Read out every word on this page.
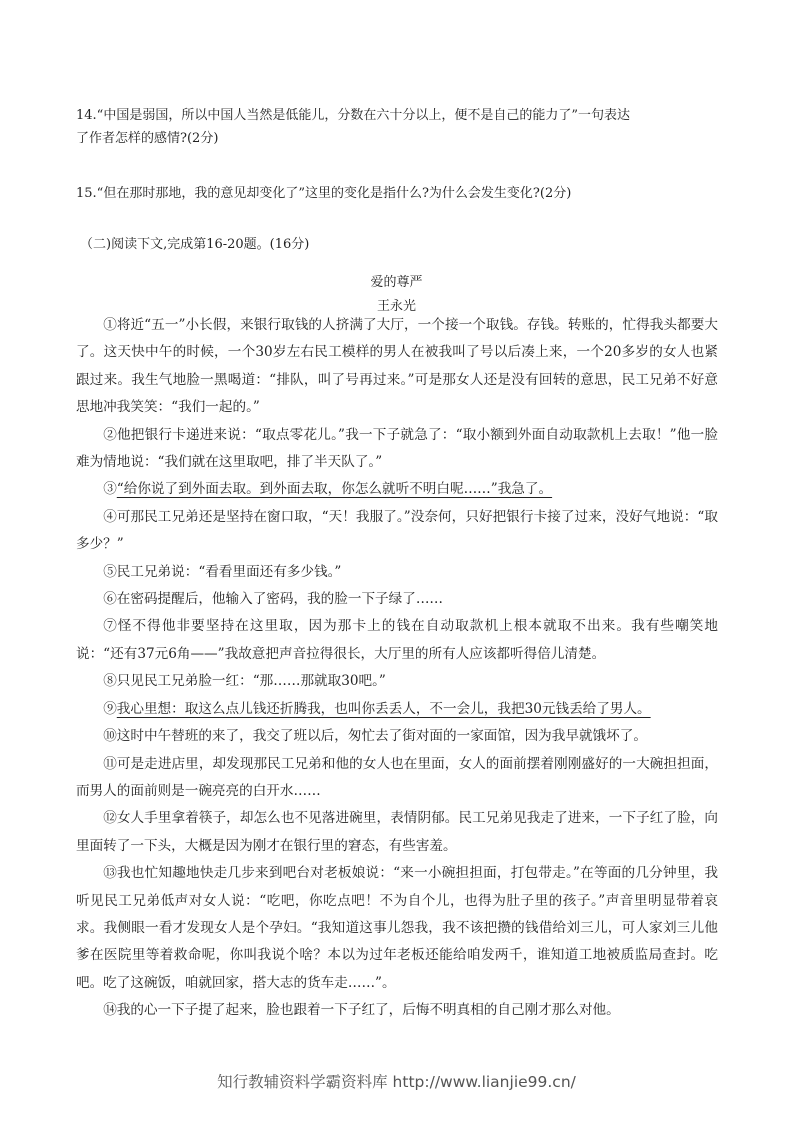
14.“中国是弱国，所以中国人当然是低能儿，分数在六十分以上，便不是自己的能力了”一句表达
了作者怎样的感情?(2分)
15.“但在那时那地，我的意见却变化了”这里的变化是指什么?为什么会发生变化?(2分)
（二)阅读下文,完成第16-20题。(16分)
爱的尊严
王永光

①将近“五一”小长假，来银行取钱的人挤满了大厅，一个接一个取钱。存钱。转账的，忙得我头都要大了。这天快中午的时候，一个30岁左右民工模样的男人在被我叫了号以后凑上来，一个20多岁的女人也紧跟过来。我生气地脸一黑喝道：“排队，叫了号再过来。”可是那女人还是没有回转的意思，民工兄弟不好意思地冲我笑笑：“我们一起的。”

②他把银行卡递进来说：“取点零花儿。”我一下子就急了：“取小额到外面自动取款机上去取！”他一脸难为情地说：“我们就在这里取吧，排了半天队了。”

③“给你说了到外面去取。到外面去取，你怎么就听不明白呢……”我急了。

④可那民工兄弟还是坚持在窗口取，“天！我服了。”没奈何，只好把银行卡接了过来，没好气地说：“取多少？”

⑤民工兄弟说：“看看里面还有多少钱。”

⑥在密码提醒后，他输入了密码，我的脸一下子绿了……

⑦怪不得他非要坚持在这里取，因为那卡上的钱在自动取款机上根本就取不出来。我有些嘲笑地说：“还有37元6角——”我故意把声音拉得很长，大厅里的所有人应该都听得倍儿清楚。

⑧只见民工兄弟脸一红：“那……那就取30吧。”

⑨我心里想：取这么点儿钱还折腾我，也叫你丢丢人，不一会儿，我把30元钱丢给了男人。

⑩这时中午替班的来了，我交了班以后，匆忙去了街对面的一家面馆，因为我早就饿坏了。

⑪可是走进店里，却发现那民工兄弟和他的女人也在里面，女人的面前摆着刚刚盛好的一大碗担担面，而男人的面前则是一碗亮亮的白开水……

⑫女人手里拿着筷子，却怎么也不见落进碗里，表情阴郁。民工兄弟见我走了进来，一下子红了脸，向里面转了一下头，大概是因为刚才在银行里的窘态，有些害羞。

⑬我也忙知趣地快走几步来到吧台对老板娘说：“来一小碗担担面，打包带走。”在等面的几分钟里，我听见民工兄弟低声对女人说：“吃吧，你吃点吧！不为自个儿，也得为肚子里的孩子。”声音里明显带着哀求。我侧眼一看才发现女人是个孕妇。“我知道这事儿怨我，我不该把攒的钱借给刘三儿，可人家刘三儿他爹在医院里等着救命呢，你叫我说个啥？本以为过年老板还能给咱发两千，谁知道工地被质监局查封。吃吧。吃了这碗饭，咱就回家，搭大志的货车走……”。

⑭我的心一下子提了起来，脸也跟着一下子红了，后悔不明真相的自己刚才那么对他。

知行教辅资料学霸资料库 http://www.lianjie99.cn/
